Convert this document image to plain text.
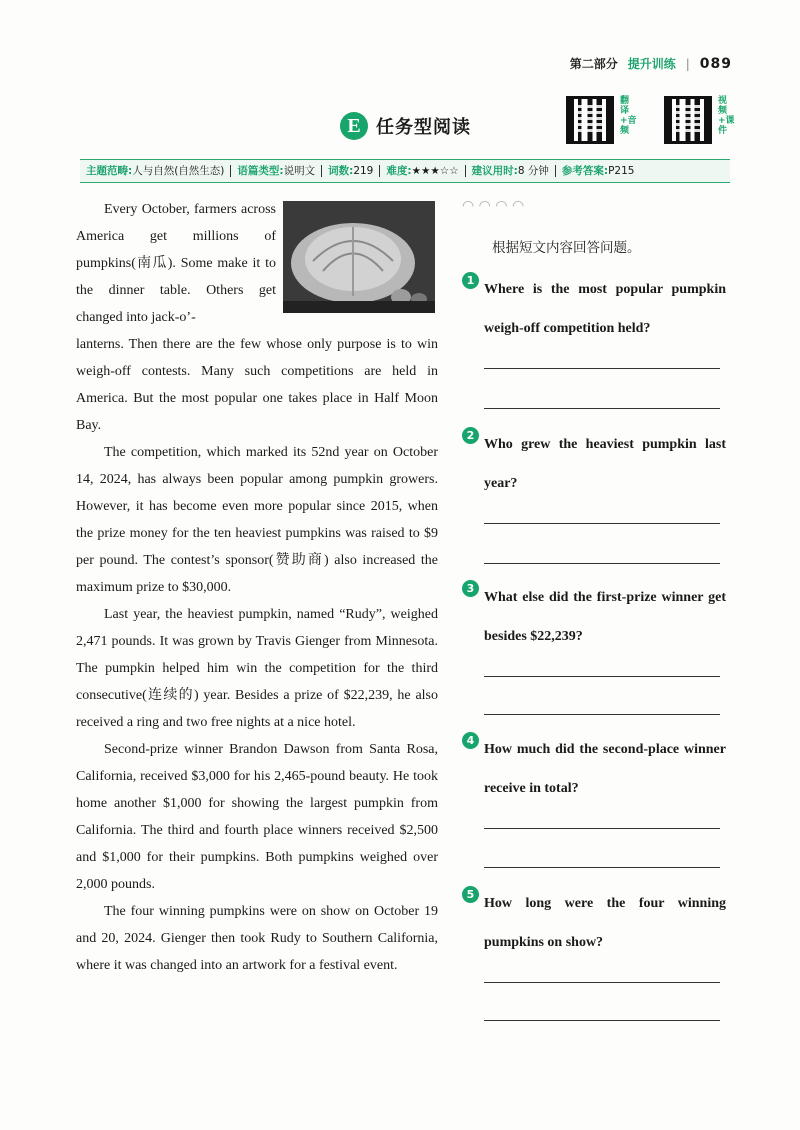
第二部分 提升训练 | 089
E 任务型阅读
翻译+音频
视频+课件
主题范畴:人与自然(自然生态)	语篇类型:说明文	词数:219	难度:★★★☆☆	建议用时:8 分钟	参考答案:P215

Every October, farmers across America get millions of pumpkins(南瓜). Some make it to the dinner table. Others get changed into jack-o’-

lanterns. Then there are the few whose only purpose is to win weigh-off contests. Many such competitions are held in America. But the most popular one takes place in Half Moon Bay.

The competition, which marked its 52nd year on October 14, 2024, has always been popular among pumpkin growers. However, it has become even more popular since 2015, when the prize money for the ten heaviest pumpkins was raised to $9 per pound. The contest’s sponsor(赞助商) also increased the maximum prize to $30,000.

Last year, the heaviest pumpkin, named “Rudy”, weighed 2,471 pounds. It was grown by Travis Gienger from Minnesota. The pumpkin helped him win the competition for the third consecutive(连续的) year. Besides a prize of $22,239, he also received a ring and two free nights at a nice hotel.

Second-prize winner Brandon Dawson from Santa Rosa, California, received $3,000 for his 2,465-pound beauty. He took home another $1,000 for showing the largest pumpkin from California. The third and fourth place winners received $2,500 and $1,000 for their pumpkins. Both pumpkins weighed over 2,000 pounds.

The four winning pumpkins were on show on October 19 and 20, 2024. Gienger then took Rudy to Southern California, where it was changed into an artwork for a festival event.

◠ ◠ ◠ ◠
根据短文内容回答问题。
1
Where is the most popular pumpkin weigh-off competition held?
2
Who grew the heaviest pumpkin last year?
3
What else did the first-prize winner get besides $22,239?
4
How much did the second-place winner receive in total?
5
How long were the four winning pumpkins on show?
